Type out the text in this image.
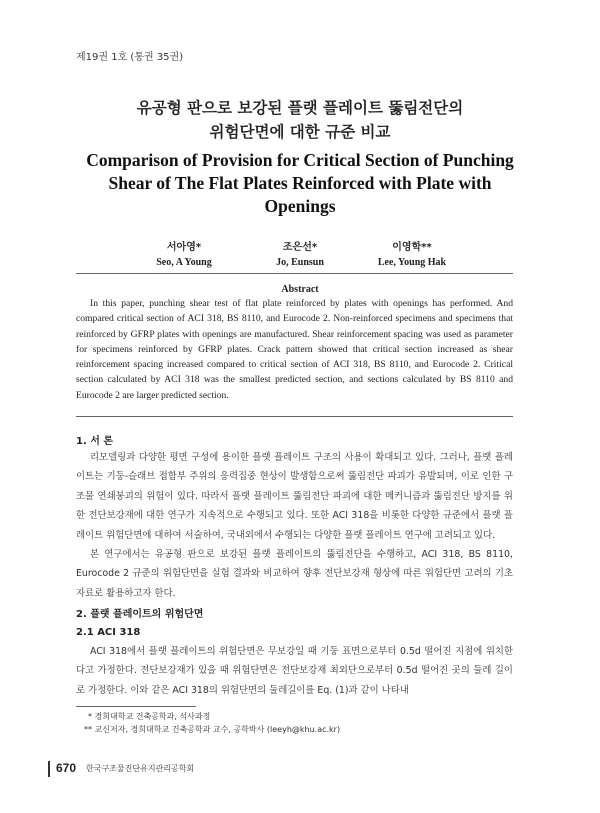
제19권 1호 (통권 35권)
유공형 판으로 보강된 플랫 플레이트 뚫림전단의
위험단면에 대한 규준 비교
Comparison of Provision for Critical Section of Punching
Shear of The Flat Plates Reinforced with Plate with
Openings
서아영*
Seo, A Young
조은선*
Jo, Eunsun
이영학**
Lee, Young Hak
Abstract
In this paper, punching shear test of flat plate reinforced by plates with openings has performed. And compared critical section of ACI 318, BS 8110, and Eurocode 2. Non-reinforced specimens and specimens that reinforced by GFRP plates with openings are manufactured. Shear reinforcement spacing was used as parameter for specimens reinforced by GFRP plates. Crack pattern showed that critical section increased as shear reinforcement spacing increased compared to critical section of ACI 318, BS 8110, and Eurocode 2. Critical section calculated by ACI 318 was the smallest predicted section, and sections calculated by BS 8110 and Eurocode 2 are larger predicted section.
1. 서 론
리모델링과 다양한 평면 구성에 용이한 플랫 플레이트 구조의 사용이 확대되고 있다. 그러나, 플랫 플레이트는 기둥-슬래브 접합부 주위의 응력집중 현상이 발생함으로써 뚫림전단 파괴가 유발되며, 이로 인한 구조물 연쇄붕괴의 위험이 있다. 따라서 플랫 플레이트 뚫림전단 파괴에 대한 메커니즘과 뚫림전단 방지를 위한 전단보강재에 대한 연구가 지속적으로 수행되고 있다. 또한 ACI 318을 비롯한 다양한 규준에서 플랫 플레이트 위험단면에 대하여 서술하여, 국내외에서 수행되는 다양한 플랫 플레이트 연구에 고려되고 있다.
본 연구에서는 유공형 판으로 보강된 플랫 플레이트의 뚫림전단을 수행하고, ACI 318, BS 8110, Eurocode 2 규준의 위험단면을 실험 결과와 비교하여 향후 전단보강재 형상에 따른 위험단면 고려의 기초자료로 활용하고자 한다.
2. 플랫 플레이트의 위험단면
2.1 ACI 318
ACI 318에서 플랫 플레이트의 위험단면은 무보강일 때 기둥 표면으로부터 0.5d 떨어진 지점에 위치한다고 가정한다. 전단보강재가 있을 때 위험단면은 전단보강재 최외단으로부터 0.5d 떨어진 곳의 둘레 길이로 가정한다. 이와 같은 ACI 318의 위험단면의 둘레길이를 Eq. (1)과 같이 나타내
* 경희대학교 건축공학과, 석사과정
** 교신저자, 경희대학교 건축공학과 교수, 공학박사 (leeyh@khu.ac.kr)
670 한국구조물진단유지관리공학회
